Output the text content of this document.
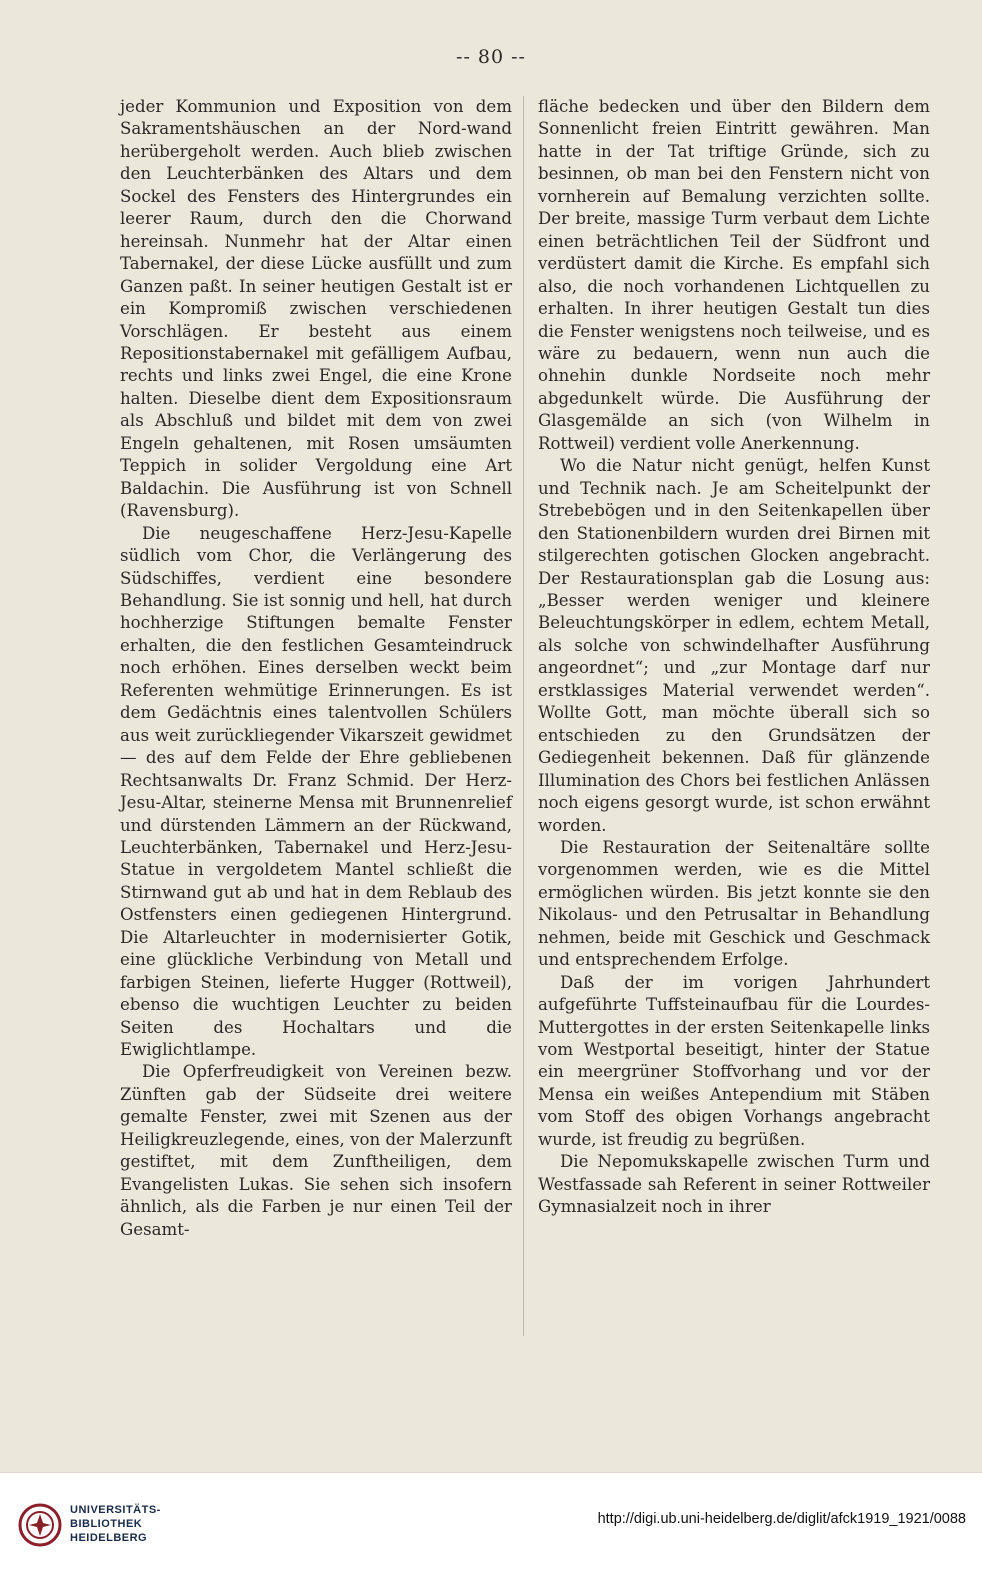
-- 80 --

jeder Kommunion und Exposition von dem Sakramentshäuschen an der Nord-wand herübergeholt werden. Auch blieb zwischen den Leuchterbänken des Altars und dem Sockel des Fensters des Hintergrundes ein leerer Raum, durch den die Chorwand hereinsah. Nunmehr hat der Altar einen Tabernakel, der diese Lücke ausfüllt und zum Ganzen paßt. In seiner heutigen Gestalt ist er ein Kompromiß zwischen verschiedenen Vorschlägen. Er besteht aus einem Repositionstabernakel mit gefälligem Aufbau, rechts und links zwei Engel, die eine Krone halten. Dieselbe dient dem Expositionsraum als Abschluß und bildet mit dem von zwei Engeln gehaltenen, mit Rosen umsäumten Teppich in solider Vergoldung eine Art Baldachin. Die Ausführung ist von Schnell (Ravensburg).

Die neugeschaffene Herz-Jesu-Kapelle südlich vom Chor, die Verlängerung des Südschiffes, verdient eine besondere Behandlung. Sie ist sonnig und hell, hat durch hochherzige Stiftungen bemalte Fenster erhalten, die den festlichen Gesamteindruck noch erhöhen. Eines derselben weckt beim Referenten wehmütige Erinnerungen. Es ist dem Gedächtnis eines talentvollen Schülers aus weit zurückliegender Vikarszeit gewidmet — des auf dem Felde der Ehre gebliebenen Rechtsanwalts Dr. Franz Schmid. Der Herz-Jesu-Altar, steinerne Mensa mit Brunnenrelief und dürstenden Lämmern an der Rückwand, Leuchterbänken, Tabernakel und Herz-Jesu-Statue in vergoldetem Mantel schließt die Stirnwand gut ab und hat in dem Reblaub des Ostfensters einen gediegenen Hintergrund. Die Altarleuchter in modernisierter Gotik, eine glückliche Verbindung von Metall und farbigen Steinen, lieferte Hugger (Rottweil), ebenso die wuchtigen Leuchter zu beiden Seiten des Hochaltars und die Ewiglichtlampe.

Die Opferfreudigkeit von Vereinen bezw. Zünften gab der Südseite drei weitere gemalte Fenster, zwei mit Szenen aus der Heiligkreuzlegende, eines, von der Malerzunft gestiftet, mit dem Zunftheiligen, dem Evangelisten Lukas. Sie sehen sich insofern ähnlich, als die Farben je nur einen Teil der Gesamt-

fläche bedecken und über den Bildern dem Sonnenlicht freien Eintritt gewähren. Man hatte in der Tat triftige Gründe, sich zu besinnen, ob man bei den Fenstern nicht von vornherein auf Bemalung verzichten sollte. Der breite, massige Turm verbaut dem Lichte einen beträchtlichen Teil der Südfront und verdüstert damit die Kirche. Es empfahl sich also, die noch vorhandenen Lichtquellen zu erhalten. In ihrer heutigen Gestalt tun dies die Fenster wenigstens noch teilweise, und es wäre zu bedauern, wenn nun auch die ohnehin dunkle Nordseite noch mehr abgedunkelt würde. Die Ausführung der Glasgemälde an sich (von Wilhelm in Rottweil) verdient volle Anerkennung.

Wo die Natur nicht genügt, helfen Kunst und Technik nach. Je am Scheitelpunkt der Strebebögen und in den Seitenkapellen über den Stationenbildern wurden drei Birnen mit stilgerechten gotischen Glocken angebracht. Der Restaurationsplan gab die Losung aus: „Besser werden weniger und kleinere Beleuchtungskörper in edlem, echtem Metall, als solche von schwindelhafter Ausführung angeordnet“; und „zur Montage darf nur erstklassiges Material verwendet werden“. Wollte Gott, man möchte überall sich so entschieden zu den Grundsätzen der Gediegenheit bekennen. Daß für glänzende Illumination des Chors bei festlichen Anlässen noch eigens gesorgt wurde, ist schon erwähnt worden.

Die Restauration der Seitenaltäre sollte vorgenommen werden, wie es die Mittel ermöglichen würden. Bis jetzt konnte sie den Nikolaus- und den Petrusaltar in Behandlung nehmen, beide mit Geschick und Geschmack und entsprechendem Erfolge.

Daß der im vorigen Jahrhundert aufgeführte Tuffsteinaufbau für die Lourdes-Muttergottes in der ersten Seitenkapelle links vom Westportal beseitigt, hinter der Statue ein meergrüner Stoffvorhang und vor der Mensa ein weißes Antependium mit Stäben vom Stoff des obigen Vorhangs angebracht wurde, ist freudig zu begrüßen.

Die Nepomukskapelle zwischen Turm und Westfassade sah Referent in seiner Rottweiler Gymnasialzeit noch in ihrer

UNIVERSITÄTS-
BIBLIOTHEK
HEIDELBERG
http://digi.ub.uni-heidelberg.de/diglit/afck1919_1921/0088
